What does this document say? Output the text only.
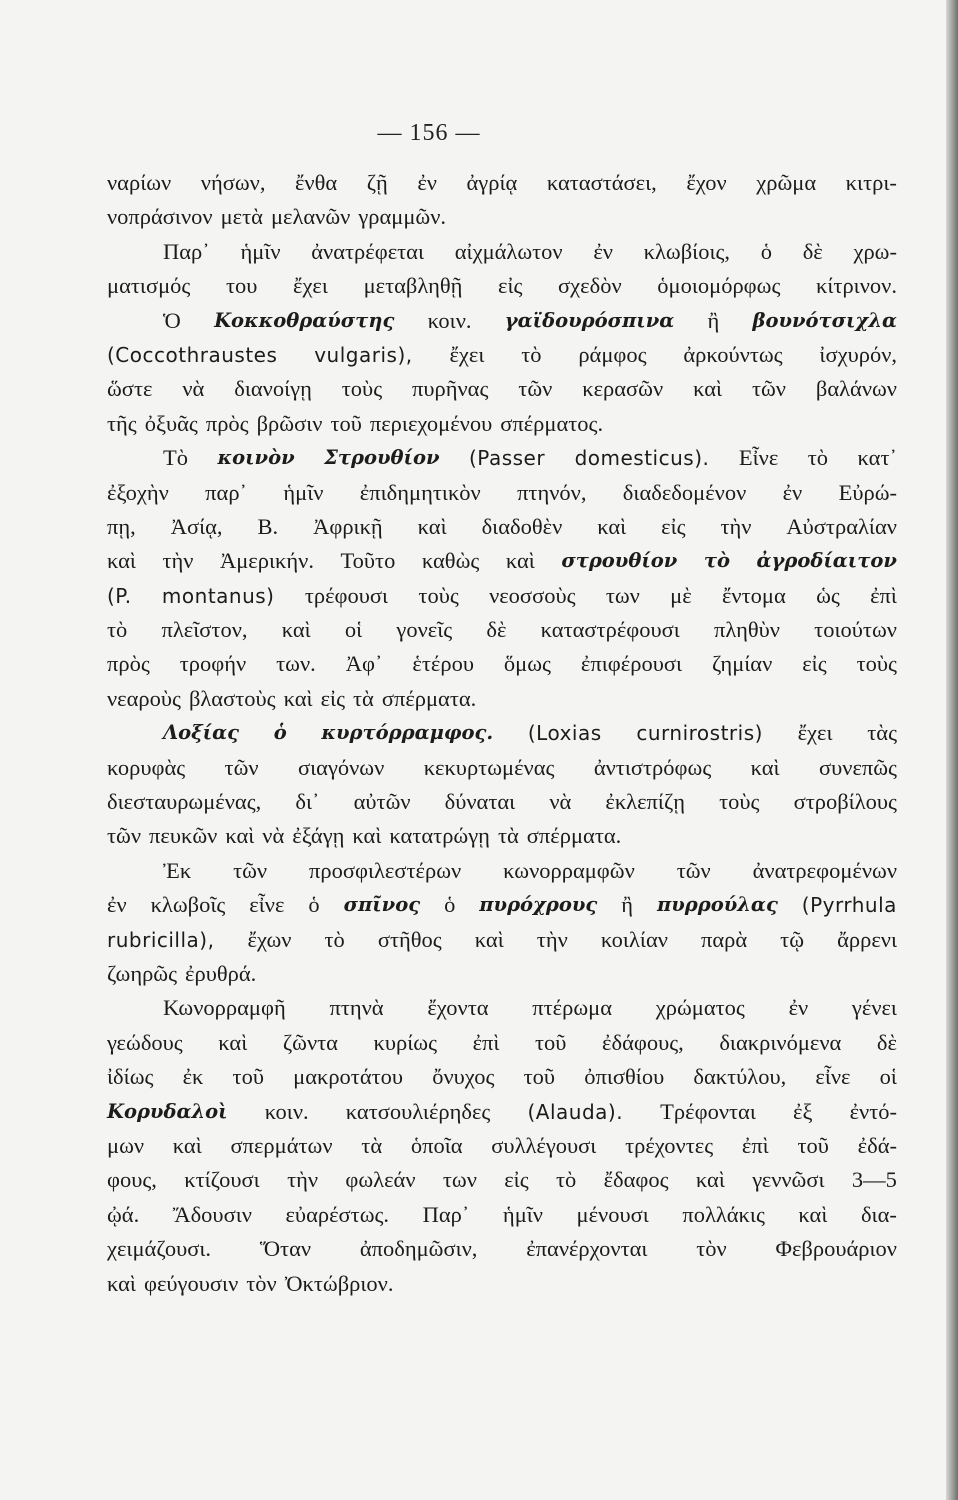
— 156 —
ναρίων νήσων, ἔνθα ζῇ ἐν ἀγρίᾳ καταστάσει, ἔχον χρῶμα κιτρι-
νοπράσινον μετὰ μελανῶν γραμμῶν.
Παρ᾽ ἡμῖν ἀνατρέφεται αἰχμάλωτον ἐν κλωβίοις, ὁ δὲ χρω-
ματισμός του ἔχει μεταβληθῇ εἰς σχεδὸν ὁμοιομόρφως κίτρινον.
Ὁ Κοκκοθραύστης κοιν. γαϊδουρόσπινα ἢ βουνότσιχλα
(Coccothraustes vulgaris), ἔχει τὸ ράμφος ἀρκούντως ἰσχυρόν,
ὥστε νὰ διανοίγῃ τοὺς πυρῆνας τῶν κερασῶν καὶ τῶν βαλάνων
τῆς ὀξυᾶς πρὸς βρῶσιν τοῦ περιεχομένου σπέρματος.
Τὸ κοινὸν Στρουθίον (Passer domesticus). Εἶνε τὸ κατ᾽
ἐξοχὴν παρ᾽ ἡμῖν ἐπιδημητικὸν πτηνόν, διαδεδομένον ἐν Εὐρώ-
πῃ, Ἀσίᾳ, Β. Ἀφρικῇ καὶ διαδοθὲν καὶ εἰς τὴν Αὐστραλίαν
καὶ τὴν Ἀμερικήν. Τοῦτο καθὼς καὶ στρουθίον τὸ ἀγροδίαιτον
(P. montanus) τρέφουσι τοὺς νεοσσοὺς των μὲ ἔντομα ὡς ἐπὶ
τὸ πλεῖστον, καὶ οἱ γονεῖς δὲ καταστρέφουσι πληθὺν τοιούτων
πρὸς τροφήν των. Ἀφ᾽ ἑτέρου ὅμως ἐπιφέρουσι ζημίαν εἰς τοὺς
νεαροὺς βλαστοὺς καὶ εἰς τὰ σπέρματα.
Λοξίας ὁ κυρτόρραμφος. (Loxias curnirostris) ἔχει τὰς
κορυφὰς τῶν σιαγόνων κεκυρτωμένας ἀντιστρόφως καὶ συνεπῶς
διεσταυρωμένας, δι᾽ αὐτῶν δύναται νὰ ἐκλεπίζῃ τοὺς στροβίλους
τῶν πευκῶν καὶ νὰ ἐξάγῃ καὶ κατατρώγῃ τὰ σπέρματα.
Ἐκ τῶν προσφιλεστέρων κωνορραμφῶν τῶν ἀνατρεφομένων
ἐν κλωβοῖς εἶνε ὁ σπῖνος ὁ πυρόχρους ἢ πυρρούλας (Pyrrhula
rubricilla), ἔχων τὸ στῆθος καὶ τὴν κοιλίαν παρὰ τῷ ἄρρενι
ζωηρῶς ἐρυθρά.
Κωνορραμφῆ πτηνὰ ἔχοντα πτέρωμα χρώματος ἐν γένει
γεώδους καὶ ζῶντα κυρίως ἐπὶ τοῦ ἐδάφους, διακρινόμενα δὲ
ἰδίως ἐκ τοῦ μακροτάτου ὄνυχος τοῦ ὀπισθίου δακτύλου, εἶνε οἱ
Κορυδαλοὶ κοιν. κατσουλιέρηδες (Alauda). Τρέφονται ἐξ ἐντό-
μων καὶ σπερμάτων τὰ ὁποῖα συλλέγουσι τρέχοντες ἐπὶ τοῦ ἐδά-
φους, κτίζουσι τὴν φωλεάν των εἰς τὸ ἔδαφος καὶ γεννῶσι 3—5
ᾠά. Ἄδουσιν εὐαρέστως. Παρ᾽ ἡμῖν μένουσι πολλάκις καὶ δια-
χειμάζουσι. Ὅταν ἀποδημῶσιν, ἐπανέρχονται τὸν Φεβρουάριον
καὶ φεύγουσιν τὸν Ὀκτώβριον.
